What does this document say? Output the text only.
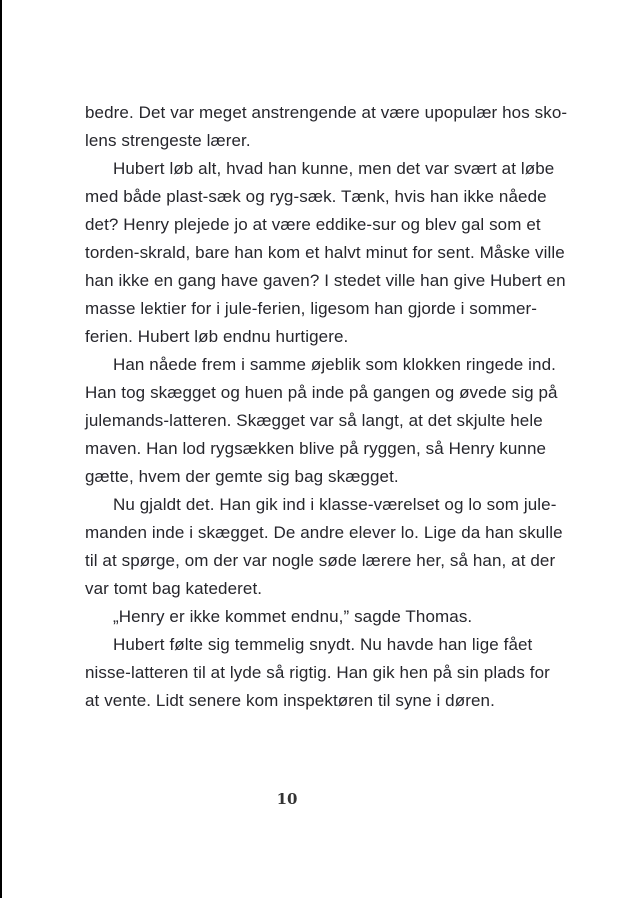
bedre. Det var meget anstrengende at være upopulær hos sko-
lens strengeste lærer.
Hubert løb alt, hvad han kunne, men det var svært at løbe
med både plast-sæk og ryg-sæk. Tænk, hvis han ikke nåede
det? Henry plejede jo at være eddike-sur og blev gal som et
torden-skrald, bare han kom et halvt minut for sent. Måske ville
han ikke en gang have gaven? I stedet ville han give Hubert en
masse lektier for i jule-ferien, ligesom han gjorde i sommer-
ferien. Hubert løb endnu hurtigere.
Han nåede frem i samme øjeblik som klokken ringede ind.
Han tog skægget og huen på inde på gangen og øvede sig på
julemands-latteren. Skægget var så langt, at det skjulte hele
maven. Han lod rygsækken blive på ryggen, så Henry kunne
gætte, hvem der gemte sig bag skægget.
Nu gjaldt det. Han gik ind i klasse-værelset og lo som jule-
manden inde i skægget. De andre elever lo. Lige da han skulle
til at spørge, om der var nogle søde lærere her, så han, at der
var tomt bag katederet.
„Henry er ikke kommet endnu,” sagde Thomas.
Hubert følte sig temmelig snydt. Nu havde han lige fået
nisse-latteren til at lyde så rigtig. Han gik hen på sin plads for
at vente. Lidt senere kom inspektøren til syne i døren.
10
